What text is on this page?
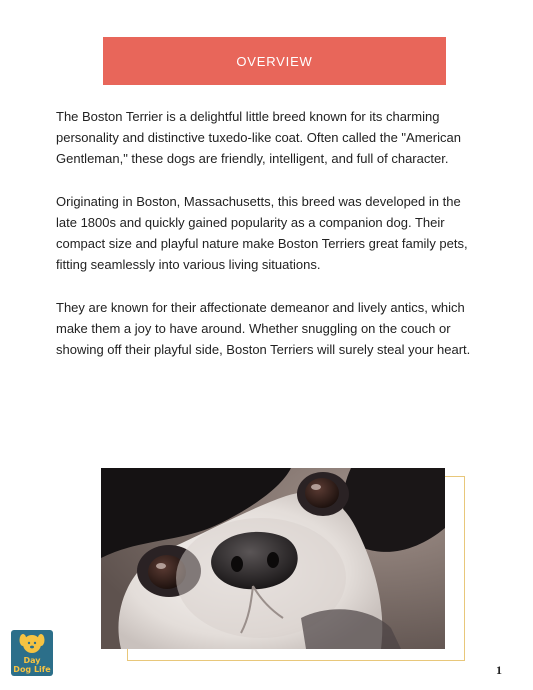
OVERVIEW

The Boston Terrier is a delightful little breed known for its charming personality and distinctive tuxedo-like coat. Often called the "American Gentleman," these dogs are friendly, intelligent, and full of character.

Originating in Boston, Massachusetts, this breed was developed in the late 1800s and quickly gained popularity as a companion dog. Their compact size and playful nature make Boston Terriers great family pets, fitting seamlessly into various living situations.

They are known for their affectionate demeanor and lively antics, which make them a joy to have around. Whether snuggling on the couch or showing off their playful side, Boston Terriers will surely steal your heart.

Day
Dog Life	1
